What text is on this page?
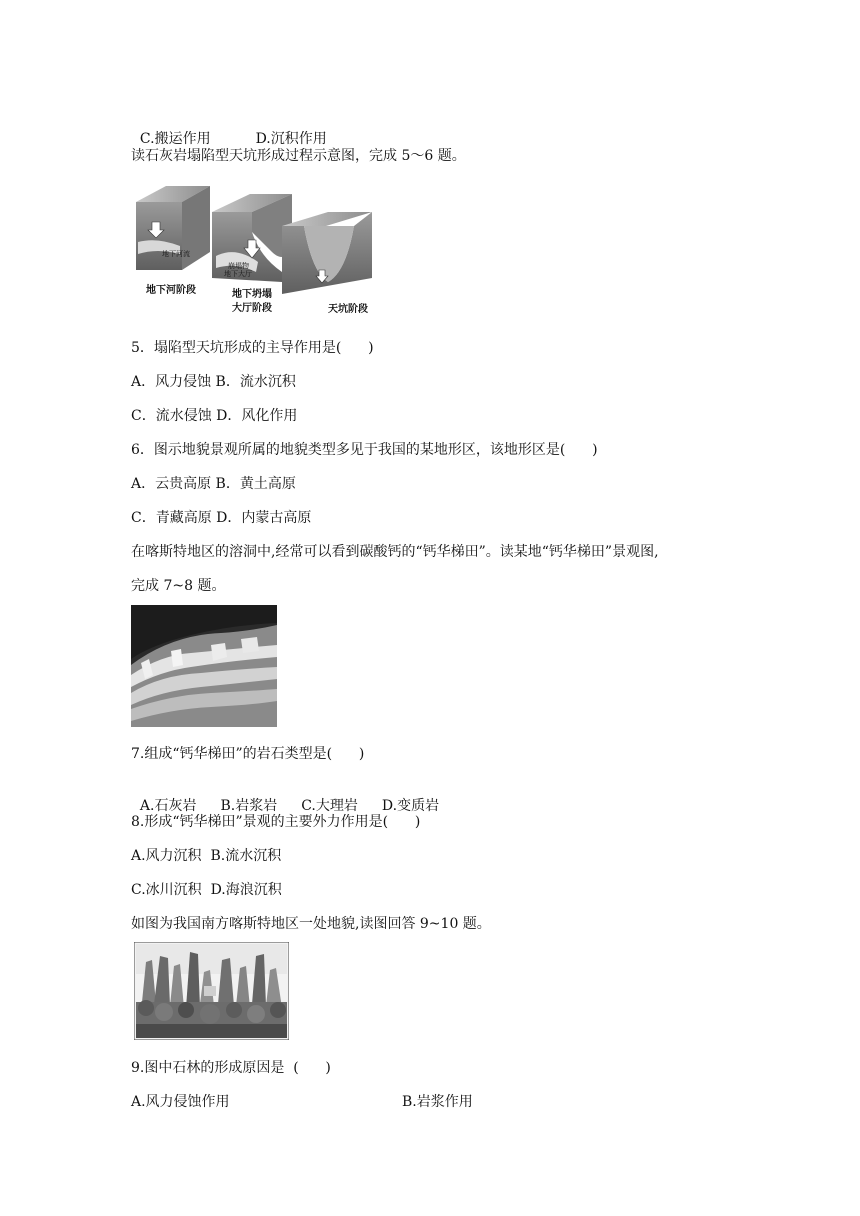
C.搬运作用	D.沉积作用

读石灰岩塌陷型天坑形成过程示意图，完成 5～6 题。
地下河流
崩塌物
地下大厅
地下河阶段	地下坍塌
大厅阶段	天坑阶段
5．塌陷型天坑形成的主导作用是(      )
A．风力侵蚀 B．流水沉积
C．流水侵蚀 D．风化作用
6．图示地貌景观所属的地貌类型多见于我国的某地形区，该地形区是(      )
A．云贵高原 B．黄土高原
C．青藏高原 D．内蒙古高原
在喀斯特地区的溶洞中,经常可以看到碳酸钙的“钙华梯田”。读某地“钙华梯田”景观图,
完成 7~8 题。
7.组成“钙华梯田”的岩石类型是(      )

A.石灰岩 B.岩浆岩 C.大理岩 D.变质岩

8.形成“钙华梯田”景观的主要外力作用是(      )
A.风力沉积  B.流水沉积
C.冰川沉积  D.海浪沉积
如图为我国南方喀斯特地区一处地貌,读图回答 9~10 题。
9.图中石林的形成原因是  (      )
A.风力侵蚀作用	B.岩浆作用
